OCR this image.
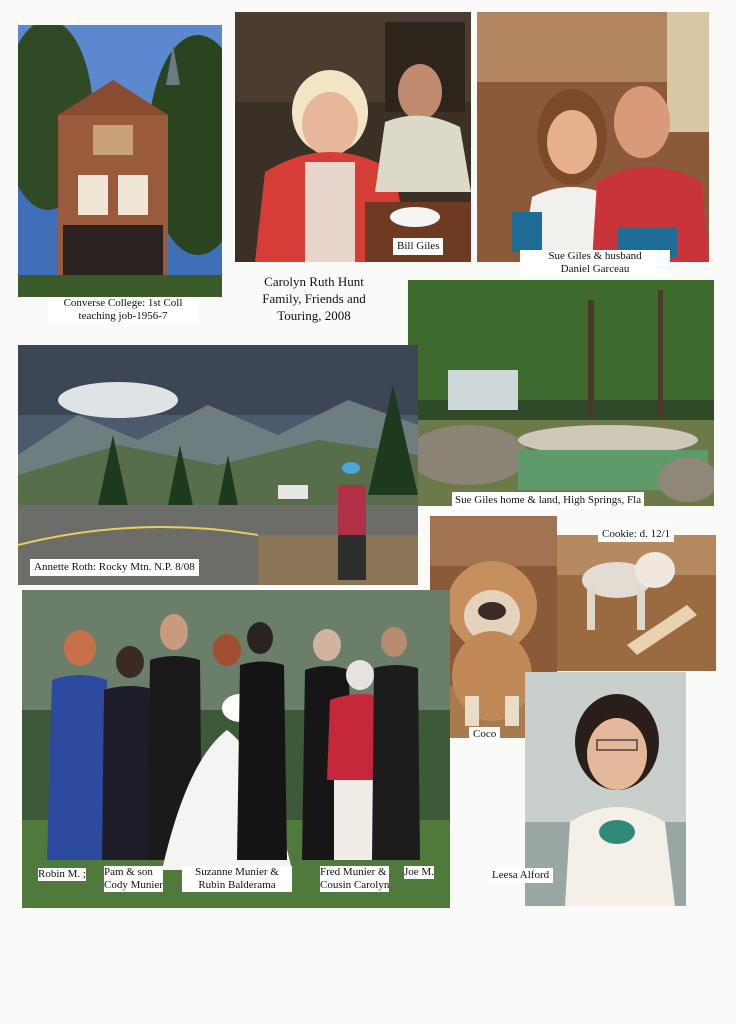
Carolyn Ruth Hunt
Family, Friends and
Touring, 2008
Converse College: 1st Coll
teaching job-1956-7
Bill Giles
Sue Giles & husband
Daniel Garceau
Sue Giles home & land, High Springs, Fla
Annette Roth: Rocky Mtn. N.P. 8/08
Coco
Cookie: d. 12/1
Robin M. ; Pam & son
Cody Munier
Suzanne Munier &
Rubin Balderama
Fred Munier &
Cousin Carolyn
Joe M.	Leesa Alford
